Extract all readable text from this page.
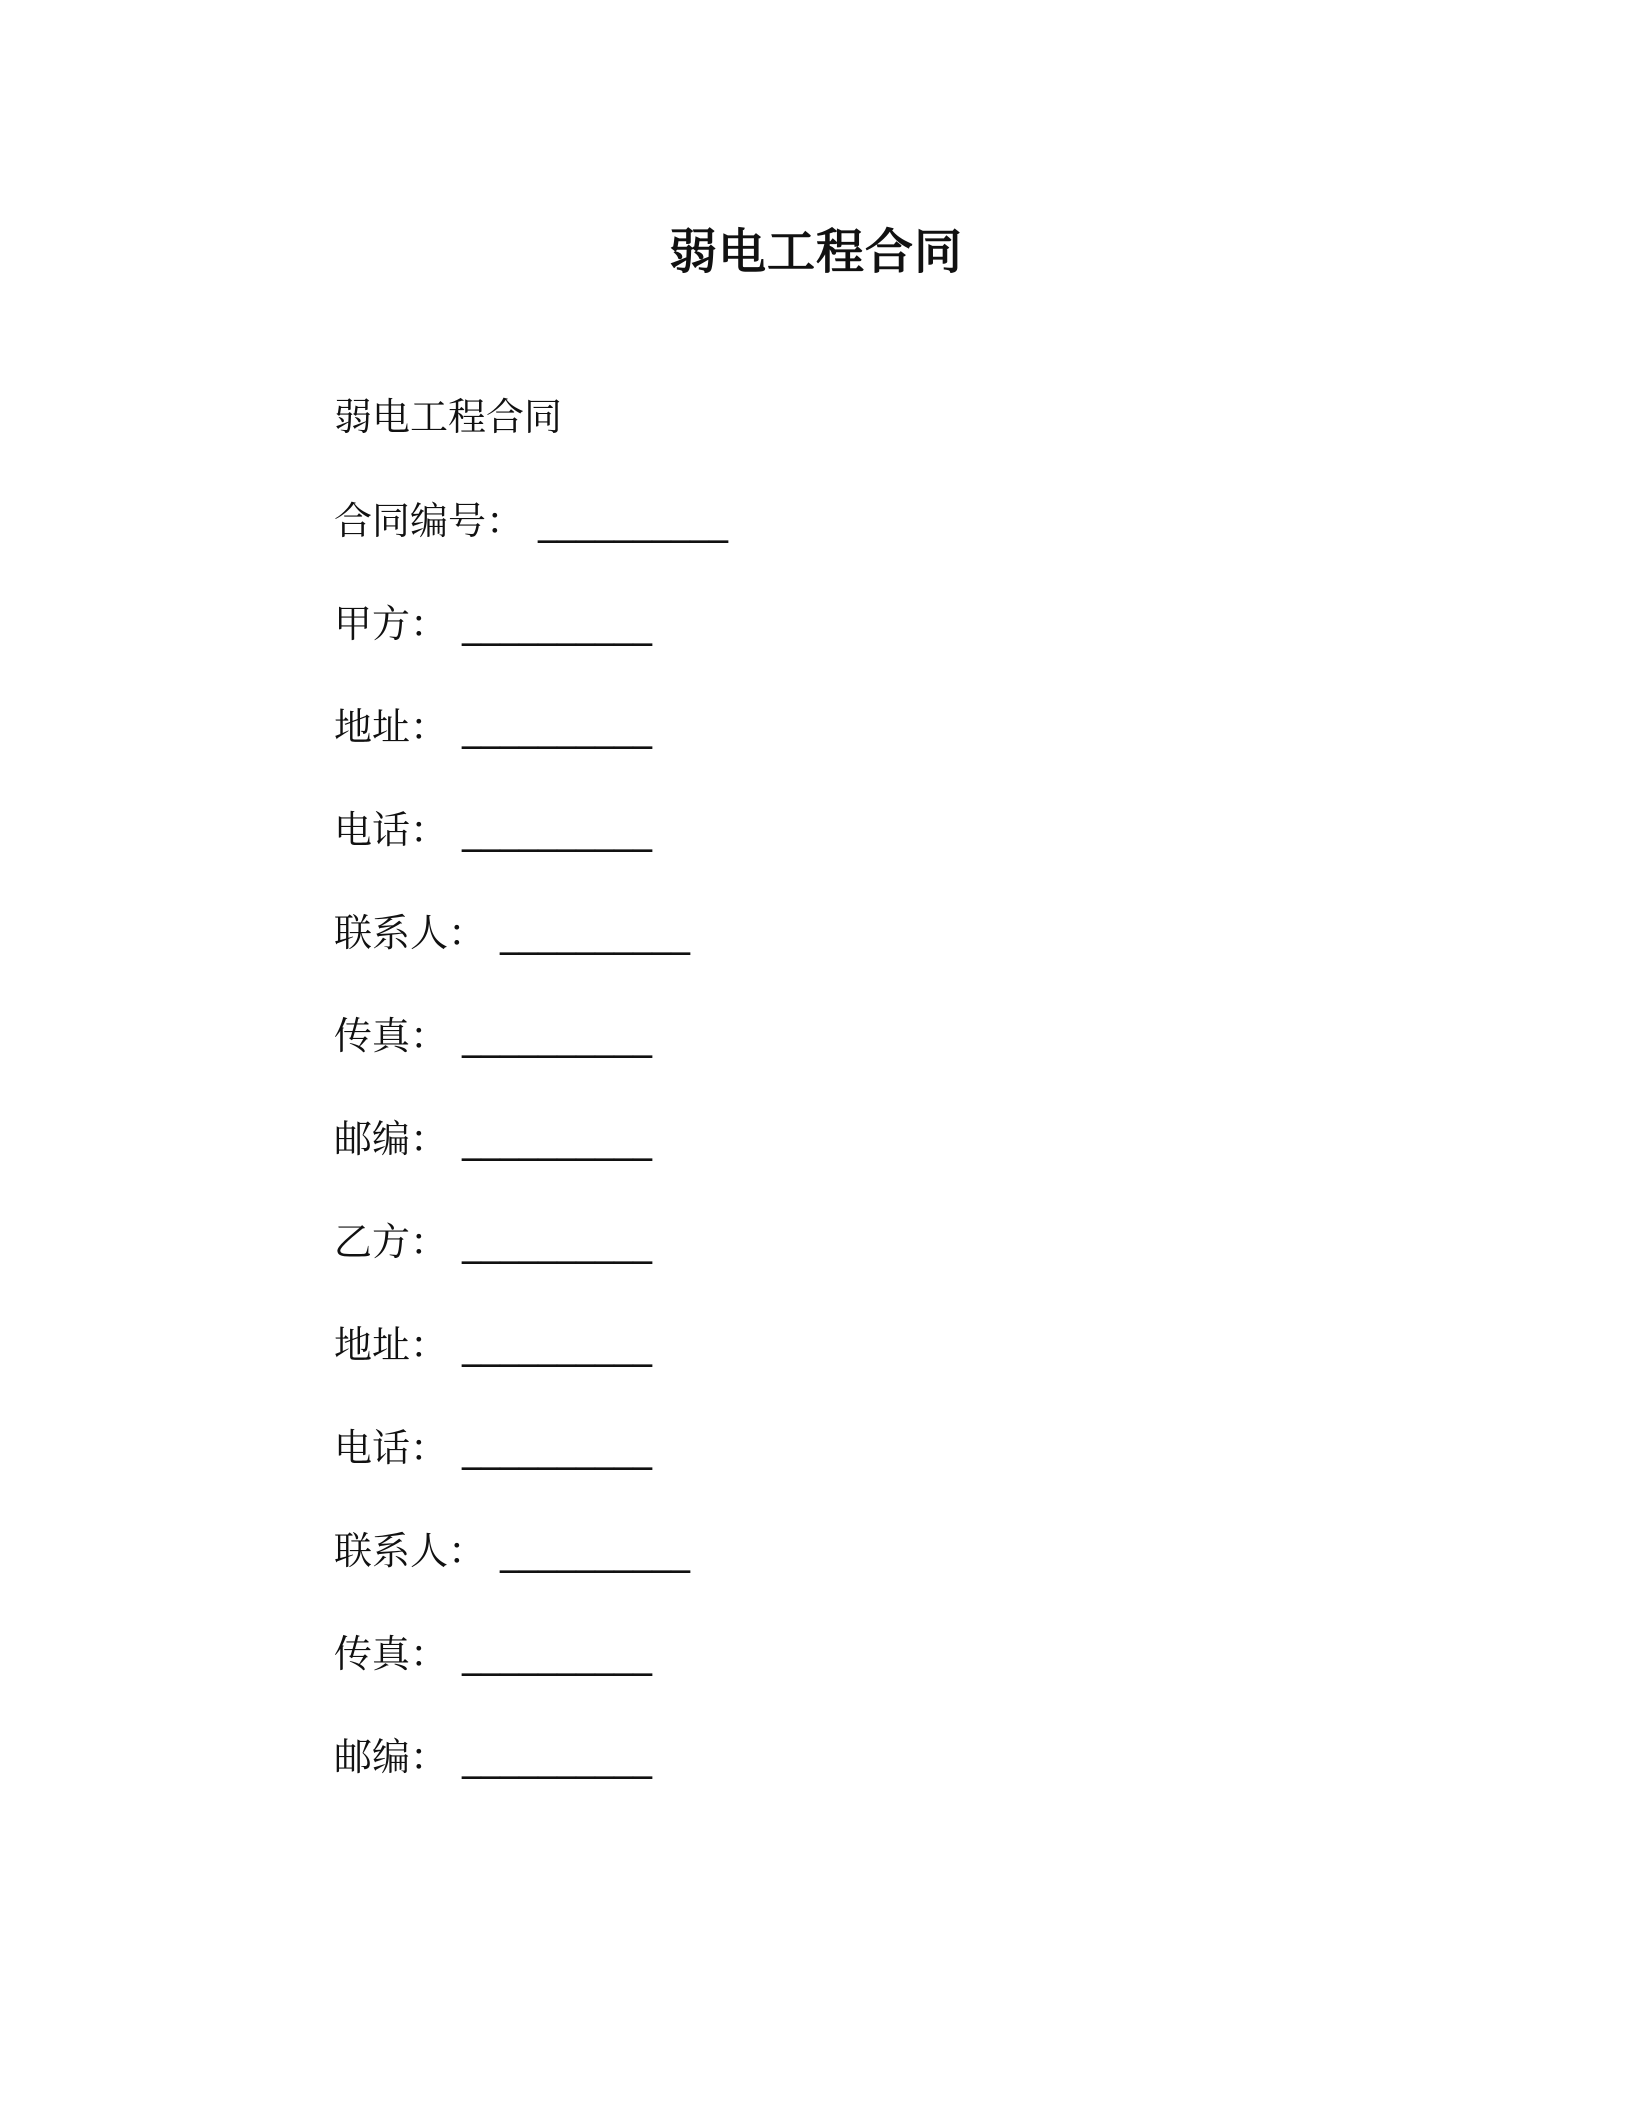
弱电工程合同
弱电工程合同
合同编号： __________
甲方： __________
地址： __________
电话： __________
联系人： __________
传真： __________
邮编： __________
乙方： __________
地址： __________
电话： __________
联系人： __________
传真： __________
邮编： __________
